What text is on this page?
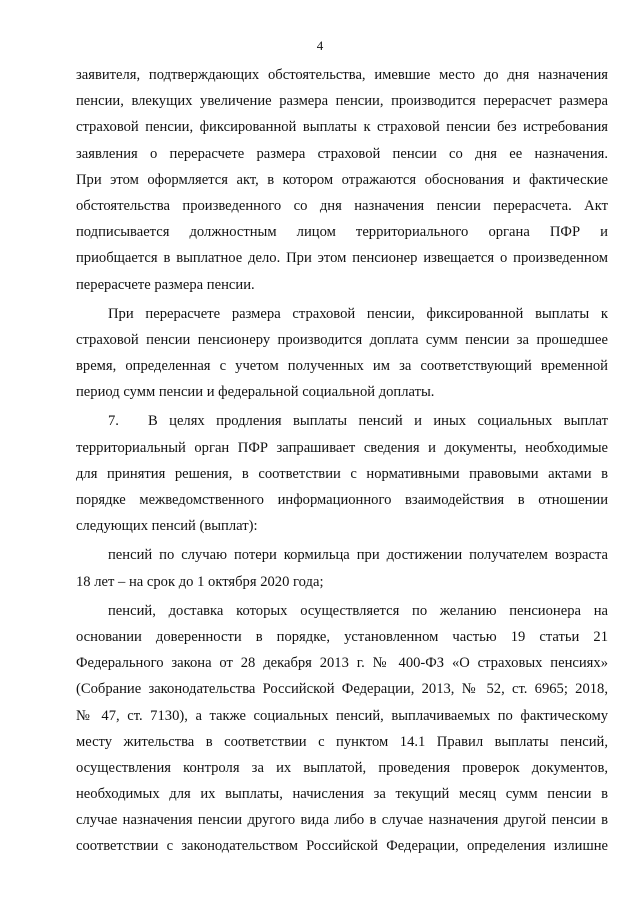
4
заявителя, подтверждающих обстоятельства, имевшие место до дня назначения
пенсии, влекущих увеличение размера пенсии, производится перерасчет размера
страховой пенсии, фиксированной выплаты к страховой пенсии без истребования
заявления о перерасчете размера страховой пенсии со дня ее назначения.
При этом оформляется акт, в котором отражаются обоснования и фактические
обстоятельства произведенного со дня назначения пенсии перерасчета. Акт
подписывается должностным лицом территориального органа ПФР и
приобщается в выплатное дело. При этом пенсионер извещается о произведенном
перерасчете размера пенсии.
При перерасчете размера страховой пенсии, фиксированной выплаты к
страховой пенсии пенсионеру производится доплата сумм пенсии за прошедшее
время, определенная с учетом полученных им за соответствующий временной
период сумм пенсии и федеральной социальной доплаты.
7. В целях продления выплаты пенсий и иных социальных выплат
территориальный орган ПФР запрашивает сведения и документы, необходимые
для принятия решения, в соответствии с нормативными правовыми актами в
порядке межведомственного информационного взаимодействия в отношении
следующих пенсий (выплат):
пенсий по случаю потери кормильца при достижении получателем возраста
18 лет – на срок до 1 октября 2020 года;
пенсий, доставка которых осуществляется по желанию пенсионера на
основании доверенности в порядке, установленном частью 19 статьи 21
Федерального закона от 28 декабря 2013 г. № 400-ФЗ «О страховых пенсиях»
(Собрание законодательства Российской Федерации, 2013, № 52, ст. 6965; 2018,
№ 47, ст. 7130), а также социальных пенсий, выплачиваемых по фактическому
месту жительства в соответствии с пунктом 14.1 Правил выплаты пенсий,
осуществления контроля за их выплатой, проведения проверок документов,
необходимых для их выплаты, начисления за текущий месяц сумм пенсии в
случае назначения пенсии другого вида либо в случае назначения другой пенсии в
соответствии с законодательством Российской Федерации, определения излишне
